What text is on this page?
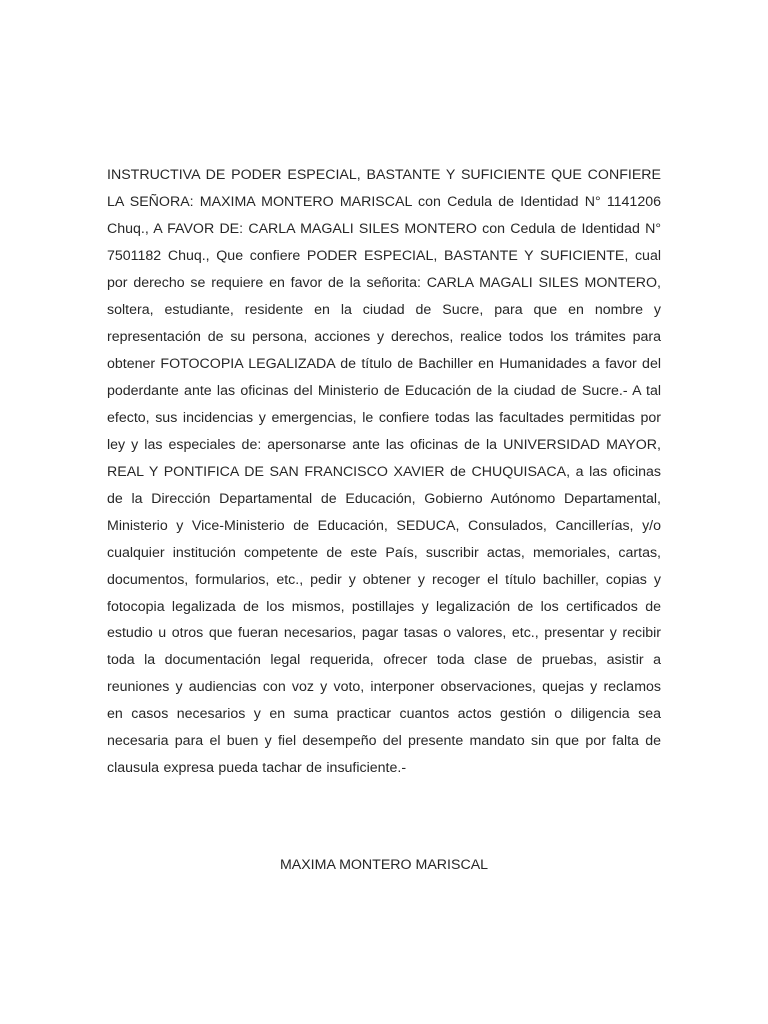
INSTRUCTIVA DE PODER ESPECIAL, BASTANTE Y SUFICIENTE QUE CONFIERE LA SEÑORA: MAXIMA MONTERO MARISCAL con Cedula de Identidad N° 1141206 Chuq., A FAVOR DE: CARLA MAGALI SILES MONTERO con Cedula de Identidad N° 7501182 Chuq., Que confiere PODER ESPECIAL, BASTANTE Y SUFICIENTE, cual por derecho se requiere en favor de la señorita: CARLA MAGALI SILES MONTERO, soltera, estudiante, residente en la ciudad de Sucre, para que en nombre y representación de su persona, acciones y derechos, realice todos los trámites para obtener FOTOCOPIA LEGALIZADA de título de Bachiller en Humanidades a favor del poderdante ante las oficinas del Ministerio de Educación de la ciudad de Sucre.- A tal efecto, sus incidencias y emergencias, le confiere todas las facultades permitidas por ley y las especiales de: apersonarse ante las oficinas de la UNIVERSIDAD MAYOR, REAL Y PONTIFICA DE SAN FRANCISCO XAVIER de CHUQUISACA, a las oficinas de la Dirección Departamental de Educación, Gobierno Autónomo Departamental, Ministerio y Vice-Ministerio de Educación, SEDUCA, Consulados, Cancillerías, y/o cualquier institución competente de este País, suscribir actas, memoriales, cartas, documentos, formularios, etc., pedir y obtener y recoger el título bachiller, copias y fotocopia legalizada de los mismos, postillajes y legalización de los certificados de estudio u otros que fueran necesarios, pagar tasas o valores, etc., presentar y recibir toda la documentación legal requerida, ofrecer toda clase de pruebas, asistir a reuniones y audiencias con voz y voto, interponer observaciones, quejas y reclamos en casos necesarios y en suma practicar cuantos actos gestión o diligencia sea necesaria para el buen y fiel desempeño del presente mandato sin que por falta de clausula expresa pueda tachar de insuficiente.-

MAXIMA MONTERO MARISCAL
